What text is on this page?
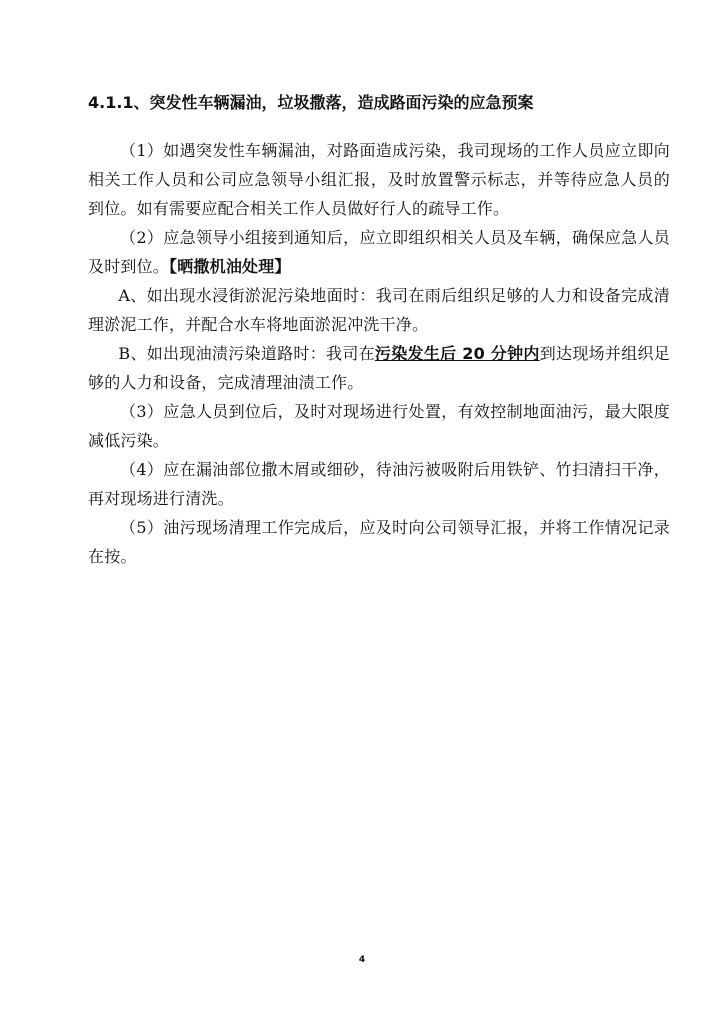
4.1.1、突发性车辆漏油，垃圾撒落，造成路面污染的应急预案

（1）如遇突发性车辆漏油，对路面造成污染，我司现场的工作人员应立即向相关工作人员和公司应急领导小组汇报，及时放置警示标志，并等待应急人员的到位。如有需要应配合相关工作人员做好行人的疏导工作。

（2）应急领导小组接到通知后，应立即组织相关人员及车辆，确保应急人员及时到位。【晒撒机油处理】

A、如出现水浸街淤泥污染地面时：我司在雨后组织足够的人力和设备完成清理淤泥工作，并配合水车将地面淤泥冲洗干净。

B、如出现油渍污染道路时：我司在污染发生后 20 分钟内到达现场并组织足够的人力和设备，完成清理油渍工作。

（3）应急人员到位后，及时对现场进行处置，有效控制地面油污，最大限度减低污染。

（4）应在漏油部位撒木屑或细砂，待油污被吸附后用铁铲、竹扫清扫干净，再对现场进行清洗。

（5）油污现场清理工作完成后，应及时向公司领导汇报，并将工作情况记录在按。

4
